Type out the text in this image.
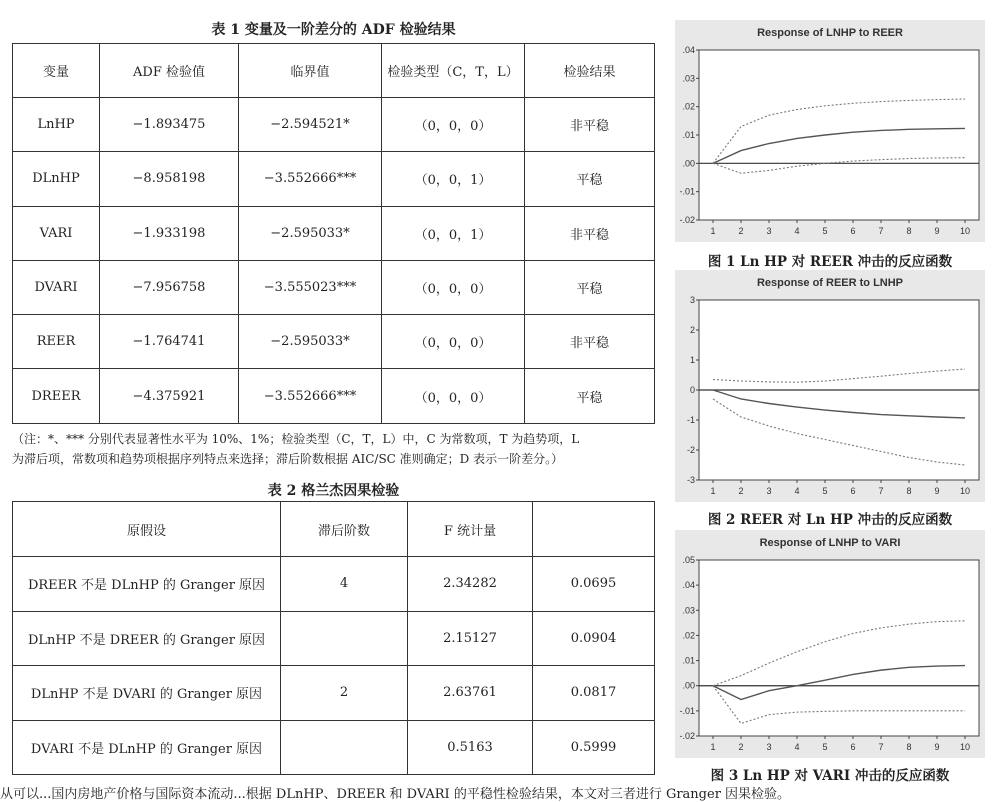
表 1 变量及一阶差分的 ADF 检验结果
变量	ADF 检验值	临界值	检验类型（C，T，L）	检验结果
LnHP	−1.893475	−2.594521*	（0，0，0）	非平稳
DLnHP	−8.958198	−3.552666***	（0，0，1）	平稳
VARI	−1.933198	−2.595033*	（0，0，1）	非平稳
DVARI	−7.956758	−3.555023***	（0，0，0）	平稳
REER	−1.764741	−2.595033*	（0，0，0）	非平稳
DREER	−4.375921	−3.552666***	（0，0，0）	平稳
（注：*、*** 分别代表显著性水平为 10%、1%；检验类型（C，T，L）中，C 为常数项，T 为趋势项，L
为滞后项，常数项和趋势项根据序列特点来选择；滞后阶数根据 AIC/SC 准则确定；D 表示一阶差分。）
表 2 格兰杰因果检验
原假设	滞后阶数	F 统计量	
DREER 不是 DLnHP 的 Granger 原因	4	2.34282	0.0695
DLnHP 不是 DREER 的 Granger 原因		2.15127	0.0904
DLnHP 不是 DVARI 的 Granger 原因	2	2.63761	0.0817
DVARI 不是 DLnHP 的 Granger 原因		0.5163	0.5999
Response of LNHP to REER
-.02
-.01
.00
.01
.02
.03
.04
1	2	3	4	5	6	7	8	9 10
图 1 Ln HP 对 REER 冲击的反应函数
Response of REER to LNHP
-3
-2
-1
0
1
2
3
1	2	3	4	5	6	7	8	9 10
图 2 REER 对 Ln HP 冲击的反应函数
Response of LNHP to VARI
-.02
-.01
.00
.01
.02
.03
.04
.05
1	2	3	4	5	6	7	8	9 10
图 3 Ln HP 对 VARI 冲击的反应函数
从可以...国内房地产价格与国际资本流动...根据 DLnHP、DREER 和 DVARI 的平稳性检验结果，本文对三者进行 Granger 因果检验。
